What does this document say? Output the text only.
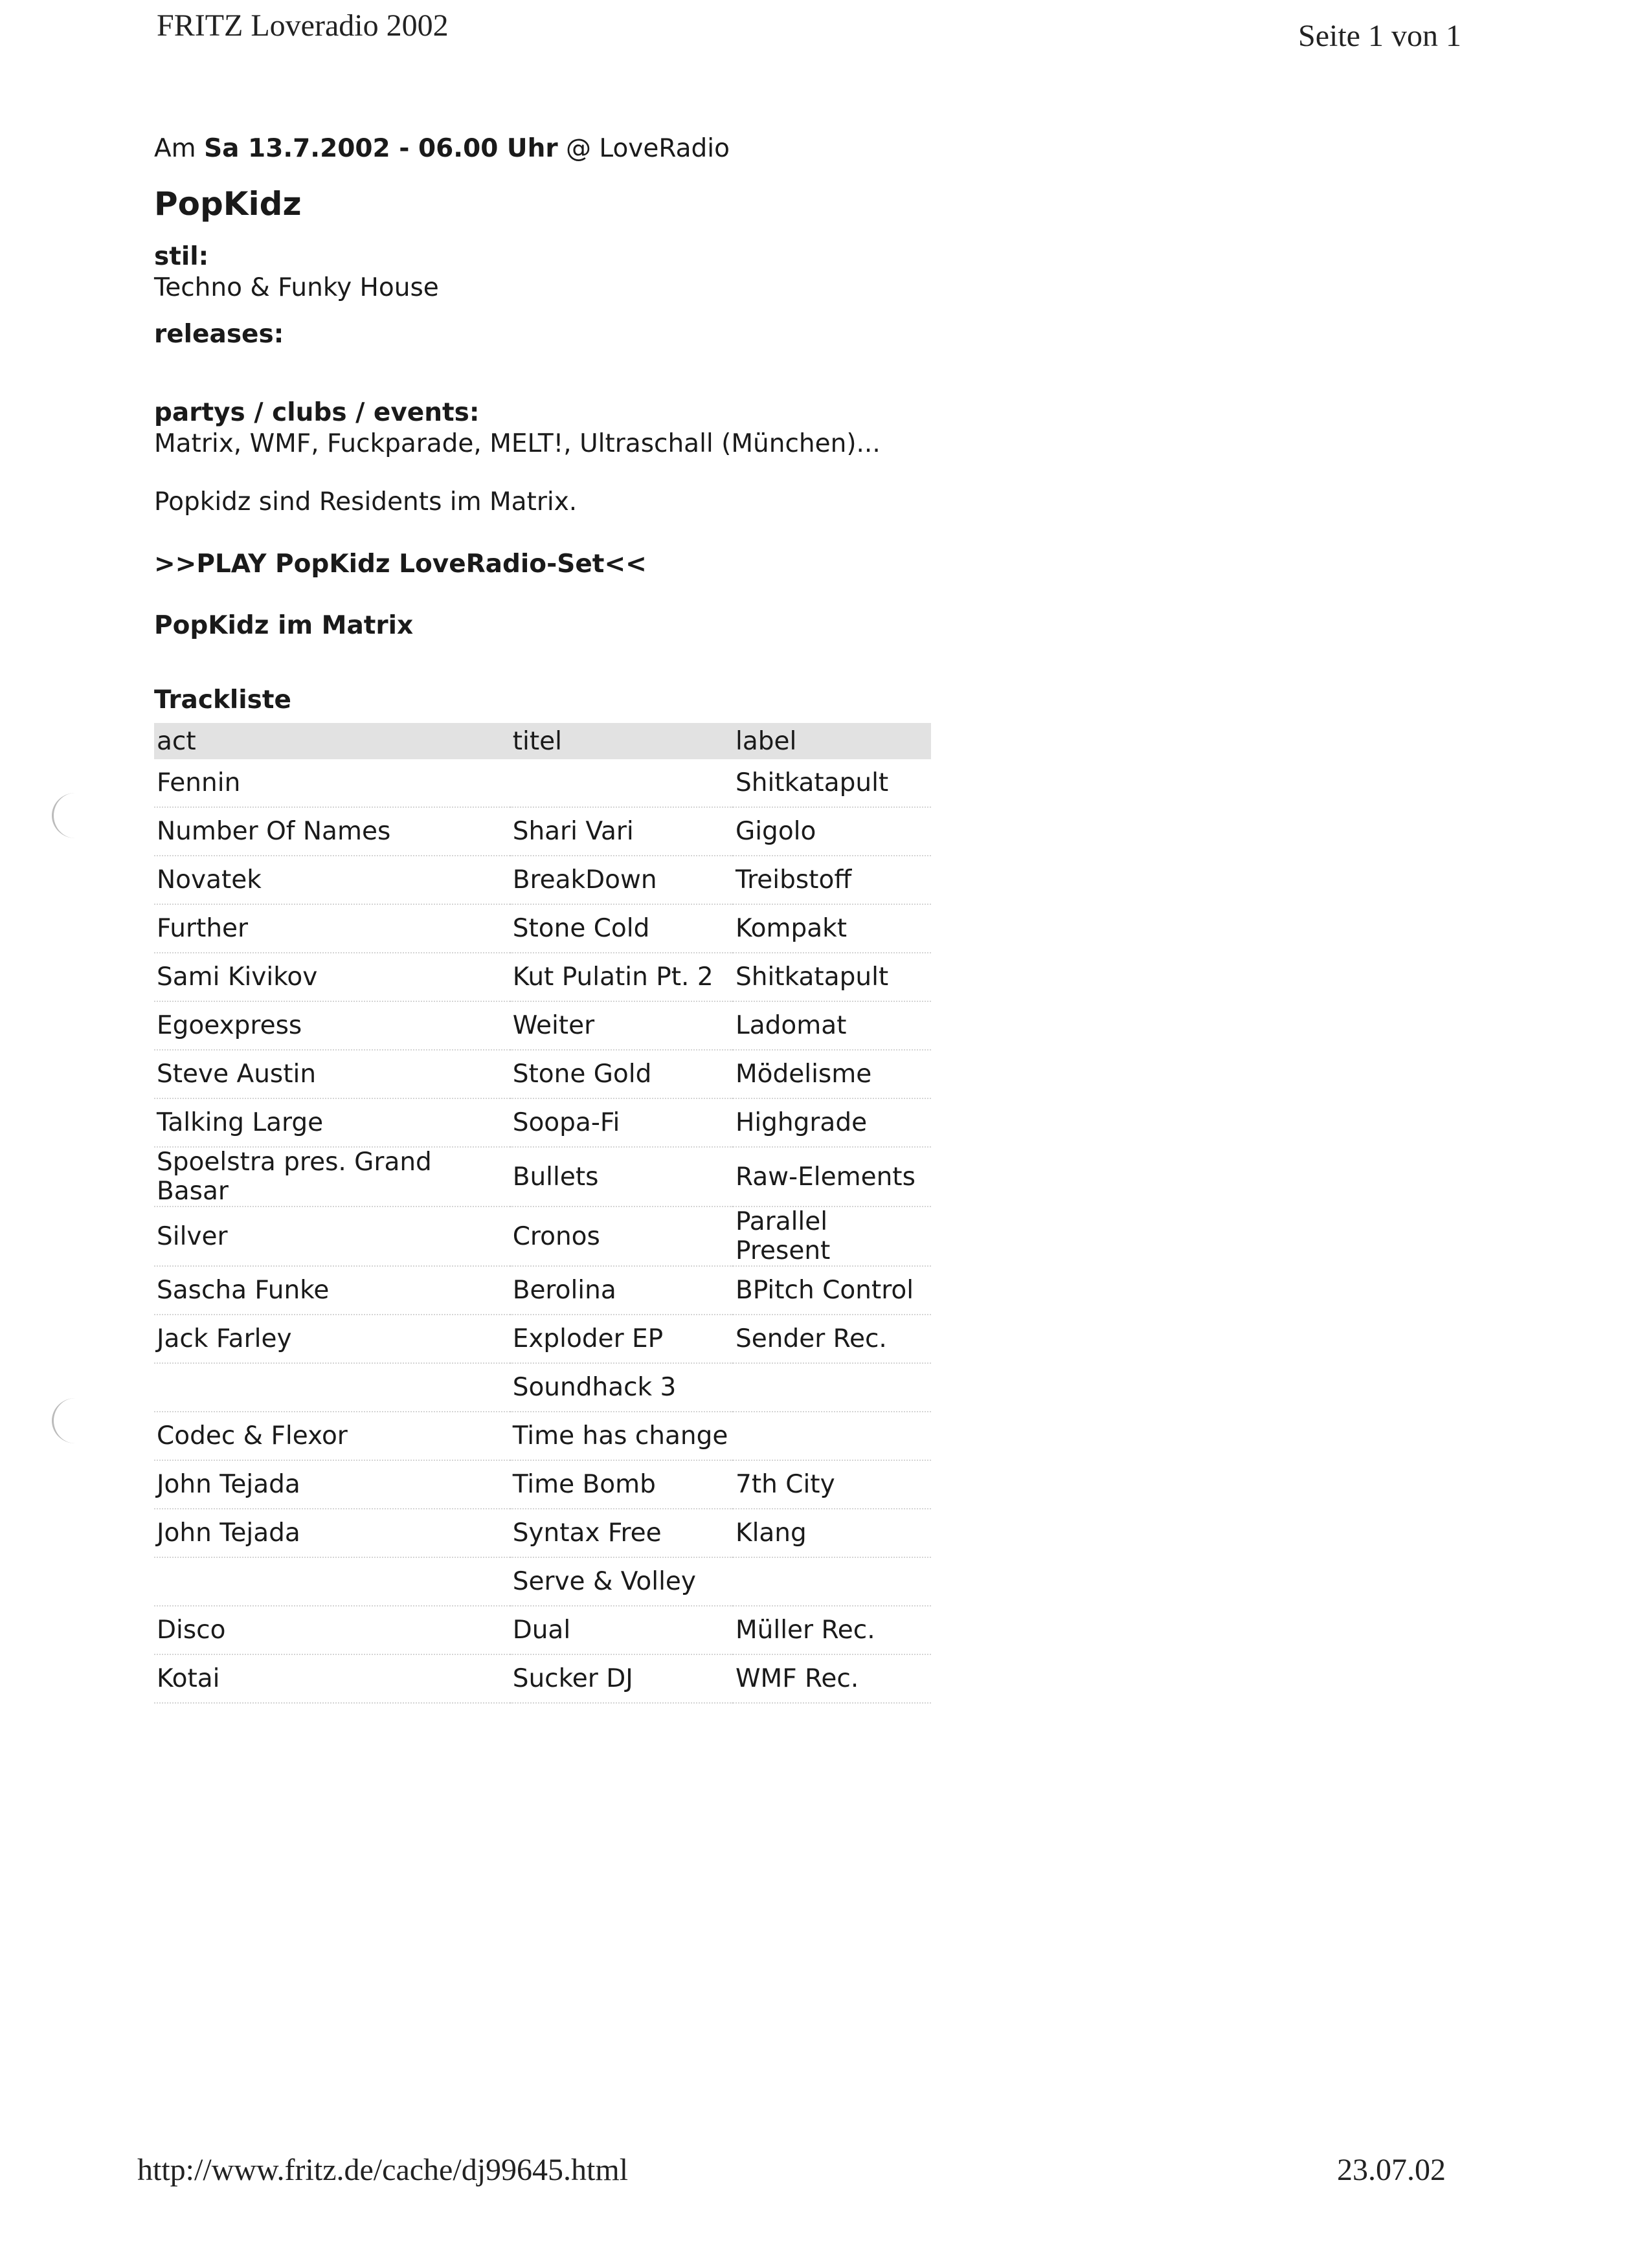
FRITZ Loveradio 2002	Seite 1 von 1
Am Sa 13.7.2002 - 06.00 Uhr @ LoveRadio
PopKidz
stil:
Techno & Funky House
releases:
partys / clubs / events:
Matrix, WMF, Fuckparade, MELT!, Ultraschall (München)...
Popkidz sind Residents im Matrix.
>>PLAY PopKidz LoveRadio-Set<<
PopKidz im Matrix
Trackliste
act	titel	label
Fennin		Shitkatapult
Number Of Names	Shari Vari	Gigolo
Novatek	BreakDown	Treibstoff
Further	Stone Cold	Kompakt
Sami Kivikov	Kut Pulatin Pt. 2	Shitkatapult
Egoexpress	Weiter	Ladomat
Steve Austin	Stone Gold	Mödelisme
Talking Large	Soopa-Fi	Highgrade
Spoelstra pres. Grand Basar	Bullets	Raw-Elements
Silver	Cronos	Parallel Present
Sascha Funke	Berolina	BPitch Control
Jack Farley	Exploder EP	Sender Rec.
	Soundhack 3	
Codec & Flexor	Time has change	
John Tejada	Time Bomb	7th City
John Tejada	Syntax Free	Klang
	Serve & Volley	
Disco	Dual	Müller Rec.
Kotai	Sucker DJ	WMF Rec.
http://www.fritz.de/cache/dj99645.html	23.07.02
